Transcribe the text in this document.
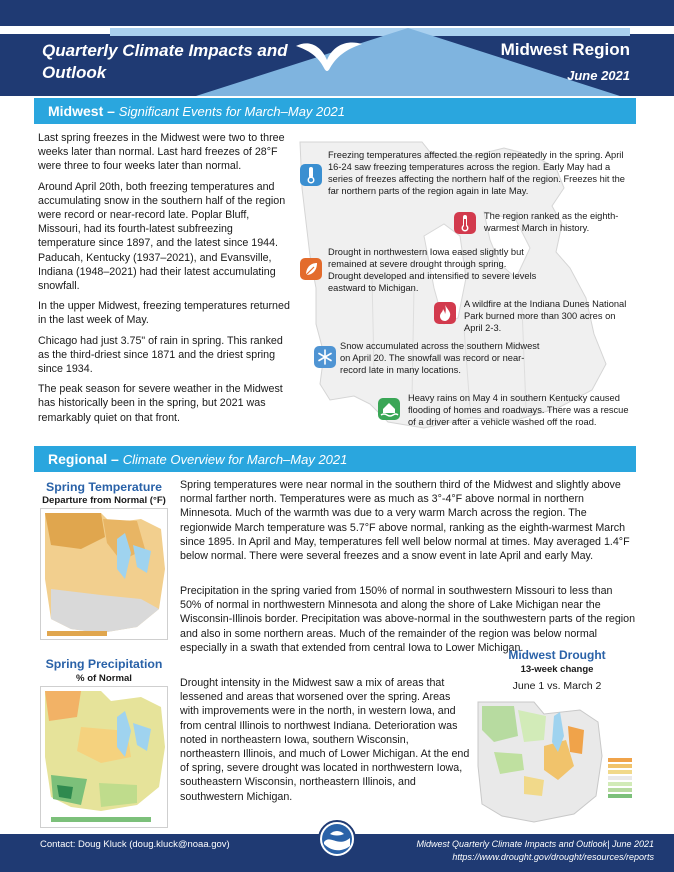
Quarterly Climate Impacts and Outlook
Midwest Region
June 2021
Midwest – Significant Events for March–May 2021

Last spring freezes in the Midwest were two to three weeks later than normal. Last hard freezes of 28°F were three to four weeks later than normal.

Around April 20th, both freezing temperatures and accumulating snow in the southern half of the region were record or near-record late. Poplar Bluff, Missouri, had its fourth-latest subfreezing temperature since 1897, and the latest since 1944. Paducah, Kentucky (1937–2021), and Evansville, Indiana (1948–2021) had their latest accumulating snowfall.

In the upper Midwest, freezing temperatures returned in the last week of May.

Chicago had just 3.75" of rain in spring. This ranked as the third-driest since 1871 and the driest spring since 1934.

The peak season for severe weather in the Midwest has historically been in the spring, but 2021 was remarkably quiet on that front.

Freezing temperatures affected the region repeatedly in the spring. April 16-24 saw freezing temperatures across the region. Early May had a series of freezes affecting the northern half of the region. Freezes hit the far northern parts of the region again in late May.
The region ranked as the eighth-warmest March in history.
Drought in northwestern Iowa eased slightly but remained at severe drought through spring. Drought developed and intensified to severe levels eastward to Michigan.
A wildfire at the Indiana Dunes National Park burned more than 300 acres on April 2-3.
Snow accumulated across the southern Midwest on April 20. The snowfall was record or near-record late in many locations.
Heavy rains on May 4 in southern Kentucky caused flooding of homes and roadways. There was a rescue of a driver after a vehicle washed off the road.
Regional – Climate Overview for March–May 2021
Spring Temperature
Departure from Normal (°F)
Spring Precipitation
% of Normal
Spring temperatures were near normal in the southern third of the Midwest and slightly above normal farther north. Temperatures were as much as 3°-4°F above normal in northern Minnesota. Much of the warmth was due to a very warm March across the region. The regionwide March temperature was 5.7°F above normal, ranking as the eighth-warmest March since 1895. In April and May, temperatures fell well below normal at times. May averaged 1.4°F below normal. There were several freezes and a snow event in late April and early May.
Precipitation in the spring varied from 150% of normal in southwestern Missouri to less than 50% of normal in northwestern Minnesota and along the shore of Lake Michigan near the Wisconsin-Illinois border. Precipitation was above-normal in the southwestern parts of the region and also in some northern areas. Much of the remainder of the region was below normal especially in a swath that extended from central Iowa to Lower Michigan.
Drought intensity in the Midwest saw a mix of areas that lessened and areas that worsened over the spring. Areas with improvements were in the north, in western Iowa, and from central Illinois to northwest Indiana. Deterioration was noted in northeastern Iowa, southern Wisconsin, northeastern Illinois, and much of Lower Michigan. At the end of spring, severe drought was located in northwestern Iowa, southeastern Wisconsin, northeastern Illinois, and southwestern Michigan.
Midwest Drought
13-week change
June 1 vs. March 2
Contact: Doug Kluck (doug.kluck@noaa.gov)	Midwest Quarterly Climate Impacts and Outlook| June 2021
https://www.drought.gov/drought/resources/reports
